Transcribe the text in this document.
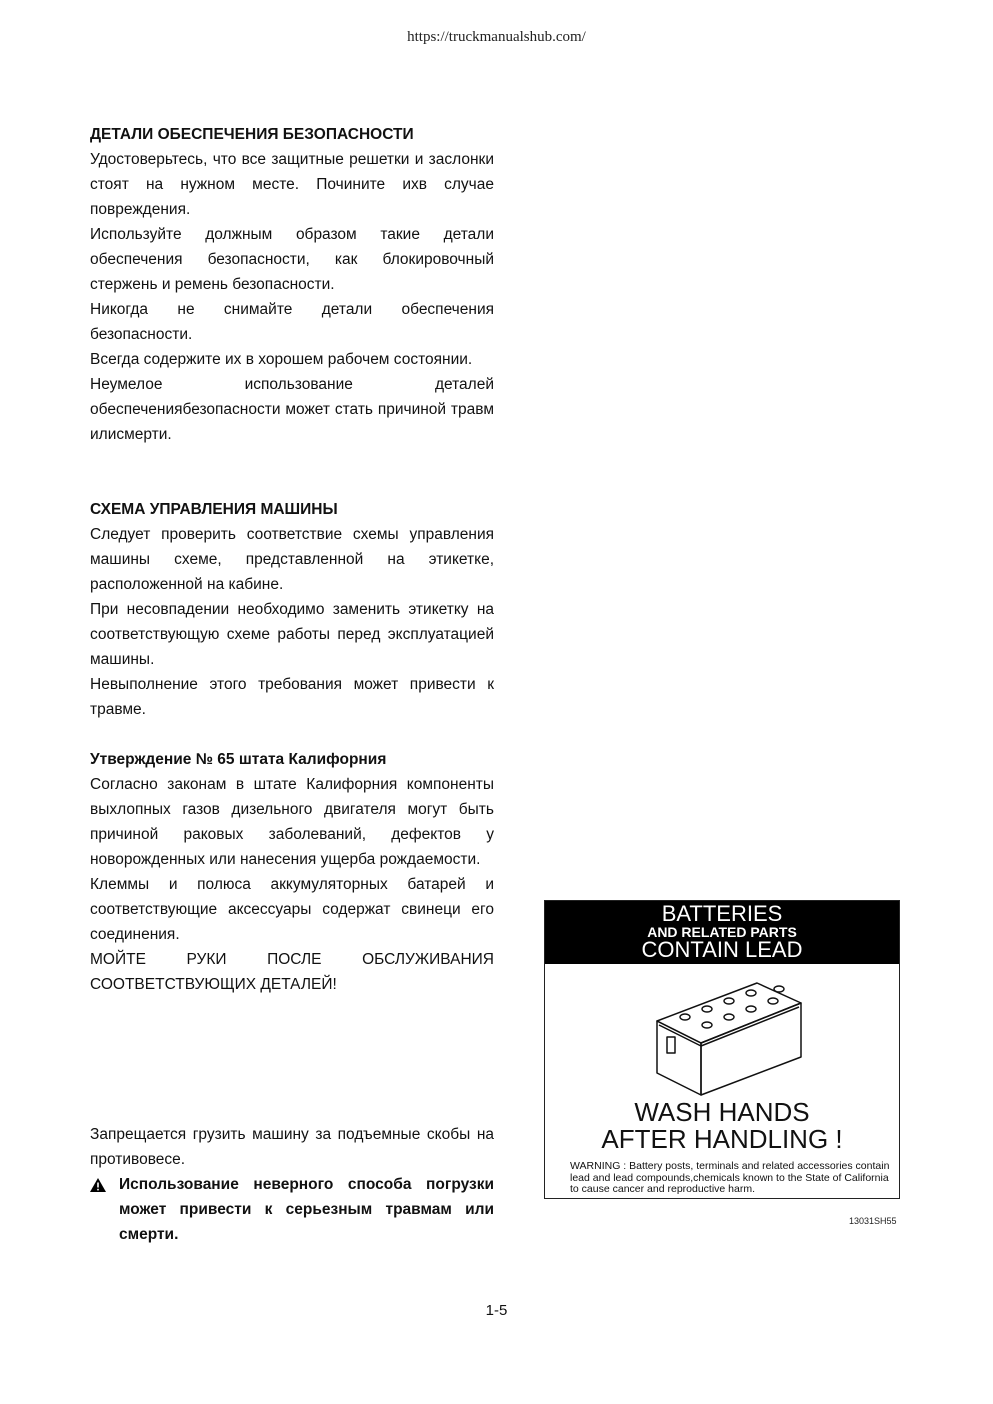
https://truckmanualshub.com/
ДЕТАЛИ ОБЕСПЕЧЕНИЯ БЕЗОПАСНОСТИ

Удостоверьтесь, что все защитные решетки и заслонки стоят на нужном месте. Почините ихв случае повреждения.

Используйте должным образом такие детали обеспечения безопасности, как блокировочный стержень и ремень безопасности.

Никогда не снимайте детали обеспечения безопасности.

Всегда содержите их в хорошем рабочем состоянии.

Неумелое использование деталей обеспечениябезопасности может стать причиной травм илисмерти.

СХЕМА УПРАВЛЕНИЯ МАШИНЫ

Следует проверить соответствие схемы управления машины схеме, представленной на этикетке, расположенной на кабине.

При несовпадении необходимо заменить этикетку на соответствующую схеме работы перед эксплуатацией машины.

Невыполнение этого требования может привести к травме.

Утверждение № 65 штата Калифорния

Согласно законам в штате Калифорния компоненты выхлопных газов дизельного двигателя могут быть причиной раковых заболеваний, дефектов у новорожденных или нанесения ущерба рождаемости.

Клеммы и полюса аккумуляторных батарей и соответствующие аксессуары содержат свинеци его соединения.

МОЙТЕ РУКИ ПОСЛЕ ОБСЛУЖИВАНИЯ СООТВЕТСТВУЮЩИХ ДЕТАЛЕЙ!

Запрещается грузить машину за подъемные скобы на противовесе.

Использование неверного способа погрузки может привести к серьезным травмам или смерти.
BATTERIES
AND RELATED PARTS
CONTAIN LEAD
WASH HANDS
AFTER HANDLING !
WARNING : Battery posts, terminals and related accessories contain lead and lead compounds,chemicals known to the State of California to cause cancer and reproductive harm.
13031SH55
1-5
